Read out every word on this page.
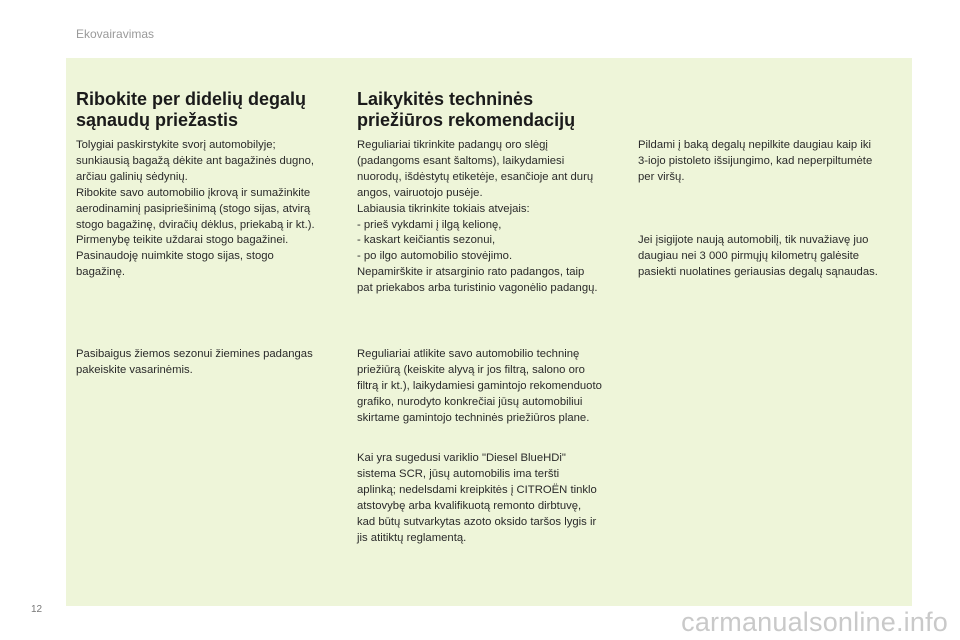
Ekovairavimas
Ribokite per didelių degalų
sąnaudų priežastis

Tolygiai paskirstykite svorį automobilyje;
sunkiausią bagažą dėkite ant bagažinės dugno,
arčiau galinių sėdynių.
Ribokite savo automobilio įkrovą ir sumažinkite
aerodinaminį pasipriešinimą (stogo sijas, atvirą
stogo bagažinę, dviračių dėklus, priekabą ir kt.).
Pirmenybę teikite uždarai stogo bagažinei.
Pasinaudoję nuimkite stogo sijas, stogo
bagažinę.

Pasibaigus žiemos sezonui žiemines padangas
pakeiskite vasarinėmis.

Laikykitės techninės
priežiūros rekomendacijų

Reguliariai tikrinkite padangų oro slėgį
(padangoms esant šaltoms), laikydamiesi
nuorodų, išdėstytų etiketėje, esančioje ant durų
angos, vairuotojo pusėje.
Labiausia tikrinkite tokiais atvejais:
- prieš vykdami į ilgą kelionę,
- kaskart keičiantis sezonui,
- po ilgo automobilio stovėjimo.
Nepamirškite ir atsarginio rato padangos, taip
pat priekabos arba turistinio vagonėlio padangų.

Reguliariai atlikite savo automobilio techninę
priežiūrą (keiskite alyvą ir jos filtrą, salono oro
filtrą ir kt.), laikydamiesi gamintojo rekomenduoto
grafiko, nurodyto konkrečiai jūsų automobiliui
skirtame gamintojo techninės priežiūros plane.

Kai yra sugedusi variklio "Diesel BlueHDi"
sistema SCR, jūsų automobilis ima teršti
aplinką; nedelsdami kreipkitės į CITROËN tinklo
atstovybę arba kvalifikuotą remonto dirbtuvę,
kad būtų sutvarkytas azoto oksido taršos lygis ir
jis atitiktų reglamentą.

Pildami į baką degalų nepilkite daugiau kaip iki
3-iojo pistoleto išsijungimo, kad neperpiltumėte
per viršų.

Jei įsigijote naują automobilį, tik nuvažiavę juo
daugiau nei 3 000 pirmųjų kilometrų galėsite
pasiekti nuolatines geriausias degalų sąnaudas.

12	carmanualsonline.info
